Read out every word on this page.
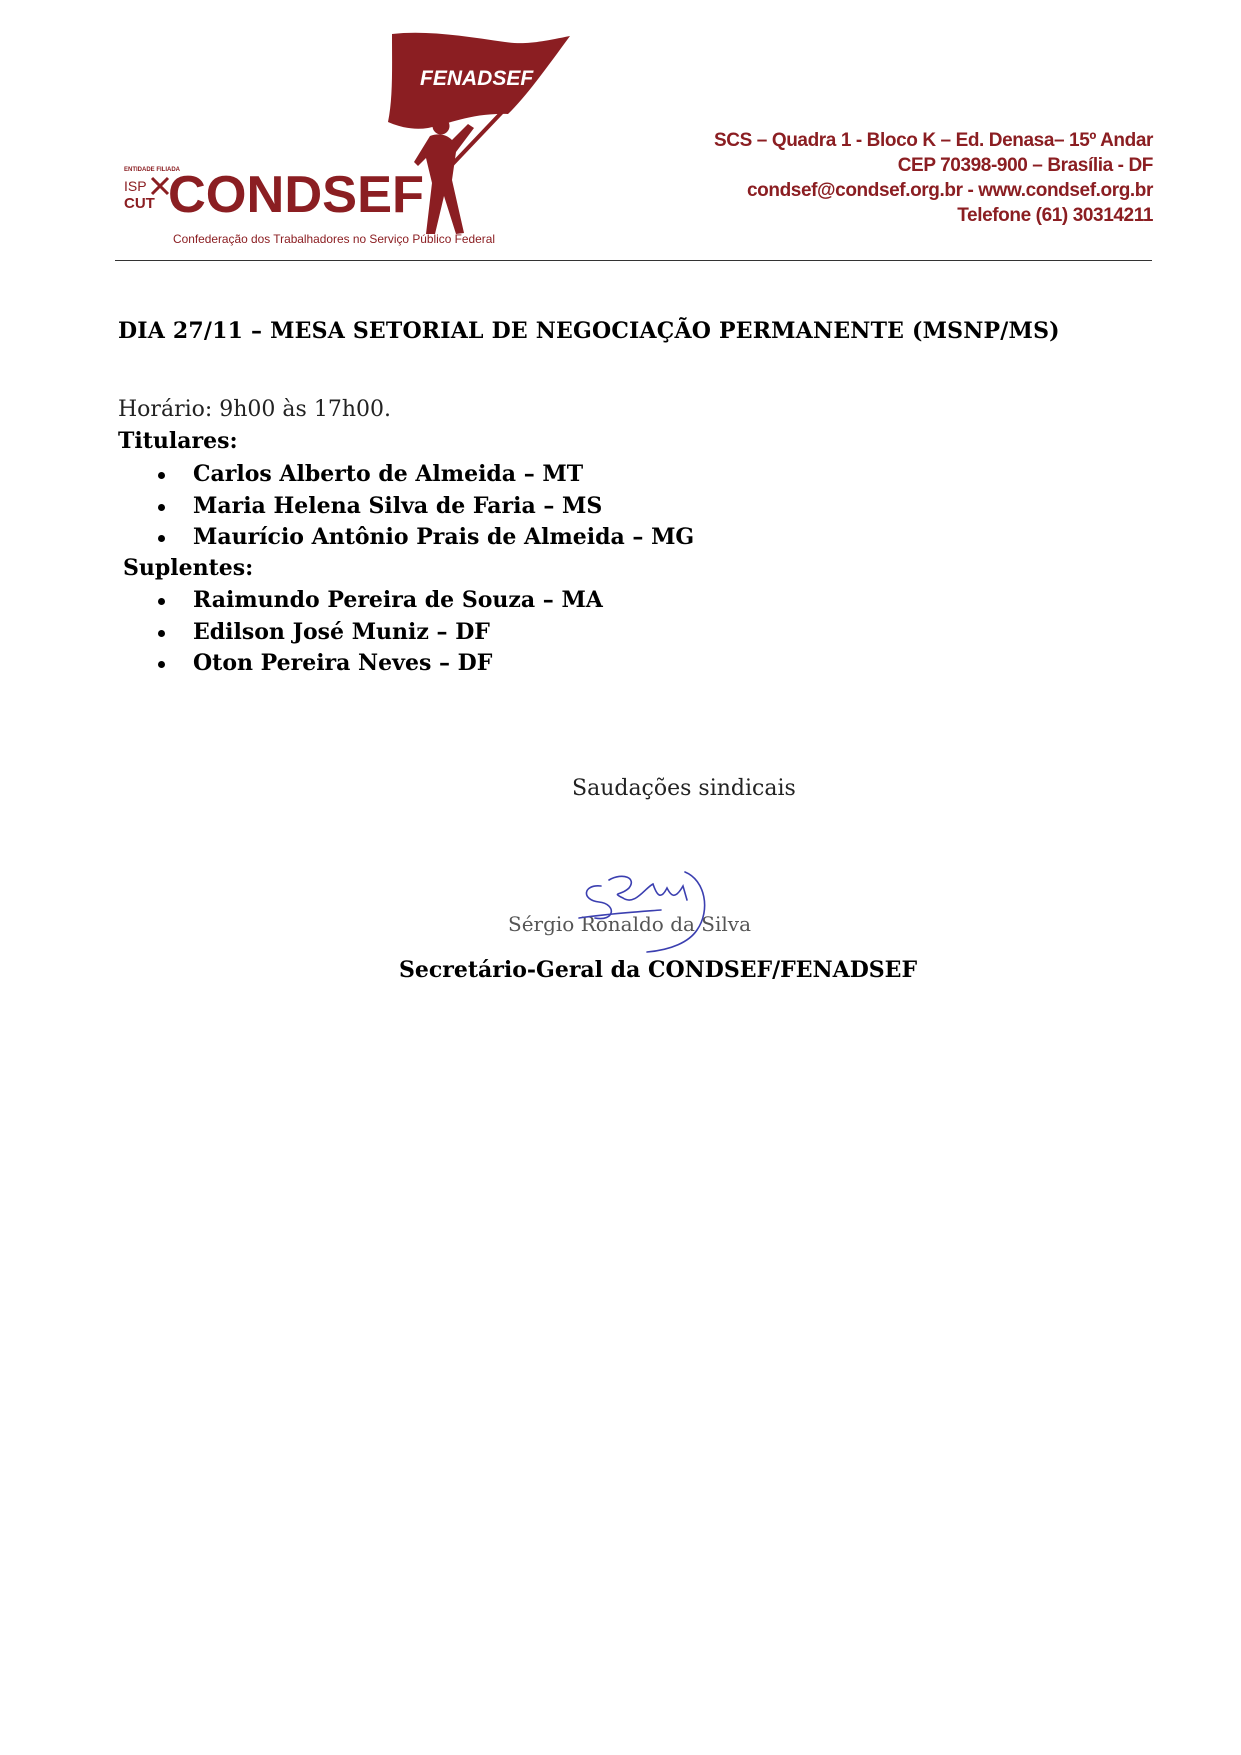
FENADSEF
ENTIDADE FILIADA
ISP
CUT CONDSEF
Confederação dos Trabalhadores no Serviço Público Federal
SCS – Quadra 1 - Bloco K – Ed. Denasa– 15º Andar
CEP 70398-900 – Brasília - DF
condsef@condsef.org.br - www.condsef.org.br
Telefone (61) 30314211
DIA 27/11 – MESA SETORIAL DE NEGOCIAÇÃO PERMANENTE (MSNP/MS)
Horário: 9h00 às 17h00.
Titulares:
Carlos Alberto de Almeida – MT
Maria Helena Silva de Faria – MS
Maurício Antônio Prais de Almeida – MG
Suplentes:
Raimundo Pereira de Souza – MA
Edilson José Muniz – DF
Oton Pereira Neves – DF
Saudações sindicais
Sérgio Ronaldo da Silva
Secretário-Geral da CONDSEF/FENADSEF
